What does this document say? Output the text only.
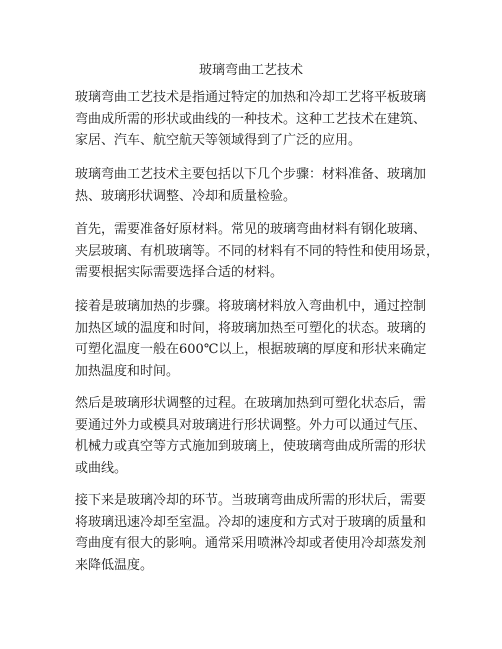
玻璃弯曲工艺技术
玻璃弯曲工艺技术是指通过特定的加热和冷却工艺将平板玻璃
弯曲成所需的形状或曲线的一种技术。这种工艺技术在建筑、
家居、汽车、航空航天等领域得到了广泛的应用。
玻璃弯曲工艺技术主要包括以下几个步骤：材料准备、玻璃加
热、玻璃形状调整、冷却和质量检验。
首先，需要准备好原材料。常见的玻璃弯曲材料有钢化玻璃、
夹层玻璃、有机玻璃等。不同的材料有不同的特性和使用场景，
需要根据实际需要选择合适的材料。
接着是玻璃加热的步骤。将玻璃材料放入弯曲机中，通过控制
加热区域的温度和时间，将玻璃加热至可塑化的状态。玻璃的
可塑化温度一般在600℃以上，根据玻璃的厚度和形状来确定
加热温度和时间。
然后是玻璃形状调整的过程。在玻璃加热到可塑化状态后，需
要通过外力或模具对玻璃进行形状调整。外力可以通过气压、
机械力或真空等方式施加到玻璃上，使玻璃弯曲成所需的形状
或曲线。
接下来是玻璃冷却的环节。当玻璃弯曲成所需的形状后，需要
将玻璃迅速冷却至室温。冷却的速度和方式对于玻璃的质量和
弯曲度有很大的影响。通常采用喷淋冷却或者使用冷却蒸发剂
来降低温度。
